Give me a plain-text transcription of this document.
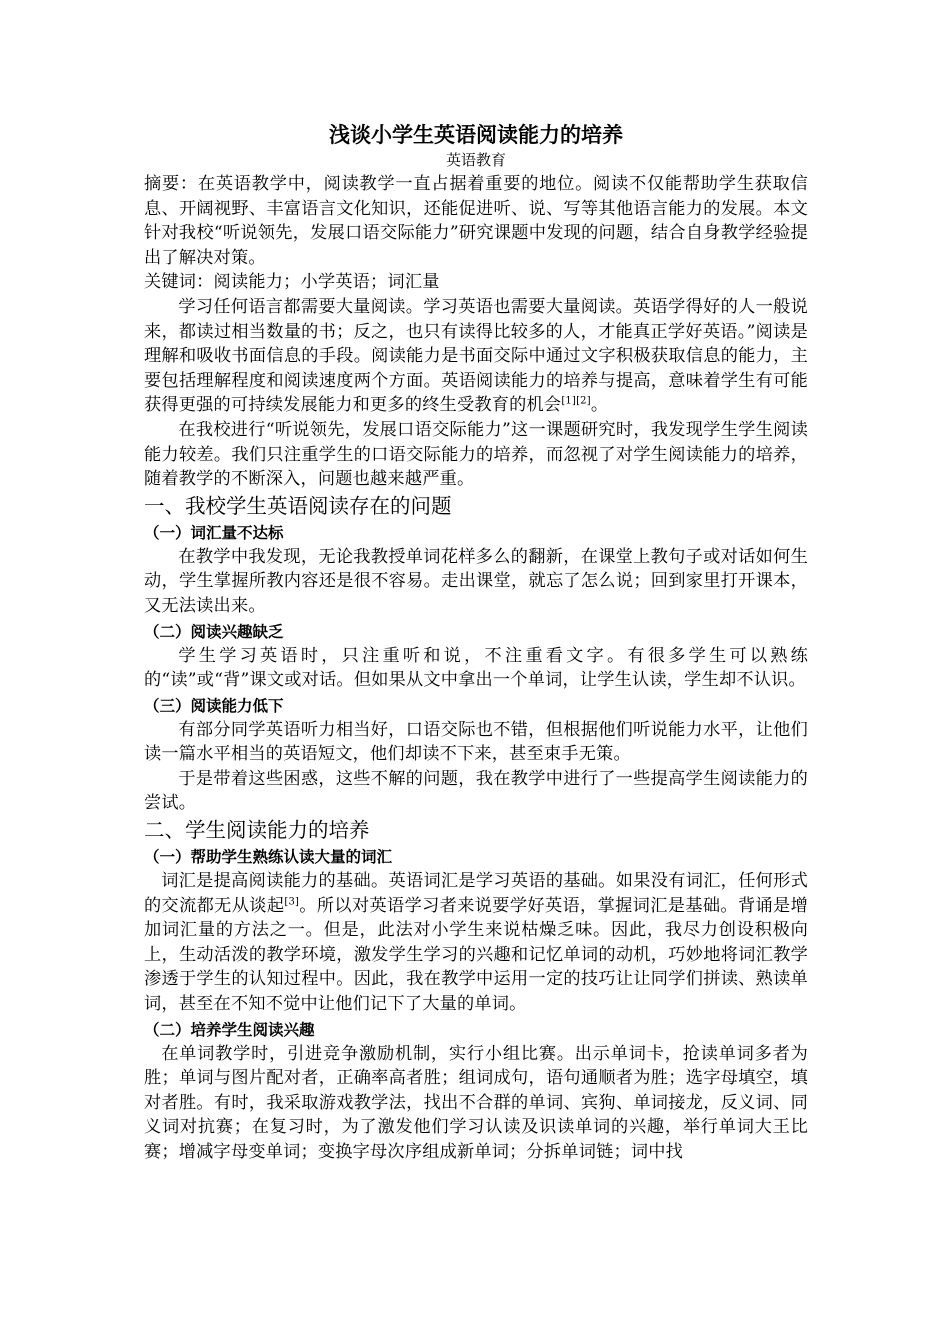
浅谈小学生英语阅读能力的培养
英语教育

摘要：在英语教学中，阅读教学一直占据着重要的地位。阅读不仅能帮助学生获取信息、开阔视野、丰富语言文化知识，还能促进听、说、写等其他语言能力的发展。本文针对我校“听说领先，发展口语交际能力”研究课题中发现的问题，结合自身教学经验提出了解决对策。

关键词：阅读能力；小学英语；词汇量

学习任何语言都需要大量阅读。学习英语也需要大量阅读。英语学得好的人一般说来，都读过相当数量的书；反之，也只有读得比较多的人，才能真正学好英语。”阅读是理解和吸收书面信息的手段。阅读能力是书面交际中通过文字积极获取信息的能力，主要包括理解程度和阅读速度两个方面。英语阅读能力的培养与提高，意味着学生有可能获得更强的可持续发展能力和更多的终生受教育的机会[1][2]。

在我校进行“听说领先，发展口语交际能力”这一课题研究时，我发现学生学生阅读能力较差。我们只注重学生的口语交际能力的培养，而忽视了对学生阅读能力的培养，随着教学的不断深入，问题也越来越严重。

一、我校学生英语阅读存在的问题
（一）词汇量不达标

在教学中我发现，无论我教授单词花样多么的翻新，在课堂上教句子或对话如何生动，学生掌握所教内容还是很不容易。走出课堂，就忘了怎么说；回到家里打开课本，又无法读出来。

（二）阅读兴趣缺乏

学生学习英语时，只注重听和说，不注重看文字。有很多学生可以熟练的“读”或“背”课文或对话。但如果从文中拿出一个单词，让学生认读，学生却不认识。

（三）阅读能力低下

有部分同学英语听力相当好，口语交际也不错，但根据他们听说能力水平，让他们读一篇水平相当的英语短文，他们却读不下来，甚至束手无策。

于是带着这些困惑，这些不解的问题，我在教学中进行了一些提高学生阅读能力的尝试。

二、学生阅读能力的培养
（一）帮助学生熟练认读大量的词汇

词汇是提高阅读能力的基础。英语词汇是学习英语的基础。如果没有词汇，任何形式的交流都无从谈起[3]。所以对英语学习者来说要学好英语，掌握词汇是基础。背诵是增加词汇量的方法之一。但是，此法对小学生来说枯燥乏味。因此，我尽力创设积极向上，生动活泼的教学环境，激发学生学习的兴趣和记忆单词的动机，巧妙地将词汇教学渗透于学生的认知过程中。因此，我在教学中运用一定的技巧让让同学们拼读、熟读单词，甚至在不知不觉中让他们记下了大量的单词。

（二）培养学生阅读兴趣

在单词教学时，引进竞争激励机制，实行小组比赛。出示单词卡，抢读单词多者为胜；单词与图片配对者，正确率高者胜；组词成句，语句通顺者为胜；选字母填空，填对者胜。有时，我采取游戏教学法，找出不合群的单词、宾狗、单词接龙，反义词、同义词对抗赛；在复习时，为了激发他们学习认读及识读单词的兴趣，举行单词大王比赛；增减字母变单词；变换字母次序组成新单词；分拆单词链；词中找
